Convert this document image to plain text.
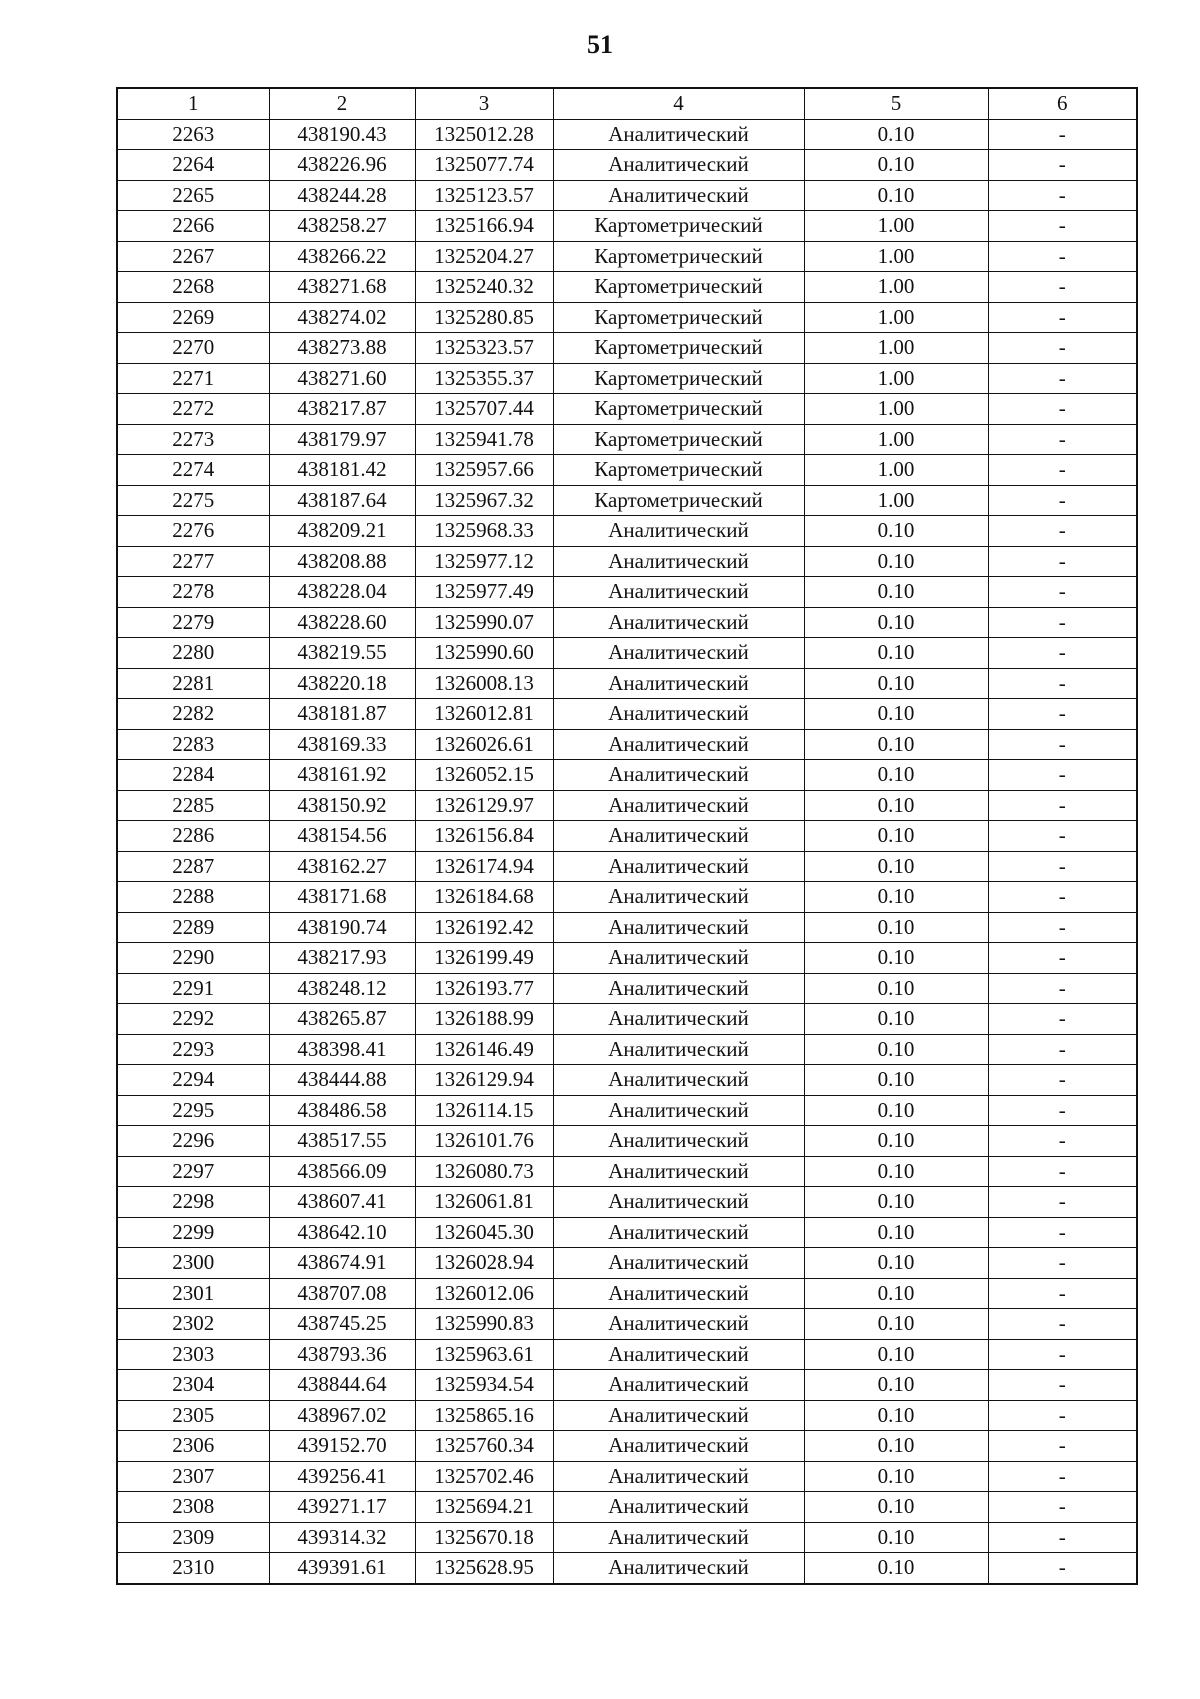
51
1	2	3	4	5	6
2263	438190.43	1325012.28	Аналитический	0.10	-
2264	438226.96	1325077.74	Аналитический	0.10	-
2265	438244.28	1325123.57	Аналитический	0.10	-
2266	438258.27	1325166.94	Картометрический	1.00	-
2267	438266.22	1325204.27	Картометрический	1.00	-
2268	438271.68	1325240.32	Картометрический	1.00	-
2269	438274.02	1325280.85	Картометрический	1.00	-
2270	438273.88	1325323.57	Картометрический	1.00	-
2271	438271.60	1325355.37	Картометрический	1.00	-
2272	438217.87	1325707.44	Картометрический	1.00	-
2273	438179.97	1325941.78	Картометрический	1.00	-
2274	438181.42	1325957.66	Картометрический	1.00	-
2275	438187.64	1325967.32	Картометрический	1.00	-
2276	438209.21	1325968.33	Аналитический	0.10	-
2277	438208.88	1325977.12	Аналитический	0.10	-
2278	438228.04	1325977.49	Аналитический	0.10	-
2279	438228.60	1325990.07	Аналитический	0.10	-
2280	438219.55	1325990.60	Аналитический	0.10	-
2281	438220.18	1326008.13	Аналитический	0.10	-
2282	438181.87	1326012.81	Аналитический	0.10	-
2283	438169.33	1326026.61	Аналитический	0.10	-
2284	438161.92	1326052.15	Аналитический	0.10	-
2285	438150.92	1326129.97	Аналитический	0.10	-
2286	438154.56	1326156.84	Аналитический	0.10	-
2287	438162.27	1326174.94	Аналитический	0.10	-
2288	438171.68	1326184.68	Аналитический	0.10	-
2289	438190.74	1326192.42	Аналитический	0.10	-
2290	438217.93	1326199.49	Аналитический	0.10	-
2291	438248.12	1326193.77	Аналитический	0.10	-
2292	438265.87	1326188.99	Аналитический	0.10	-
2293	438398.41	1326146.49	Аналитический	0.10	-
2294	438444.88	1326129.94	Аналитический	0.10	-
2295	438486.58	1326114.15	Аналитический	0.10	-
2296	438517.55	1326101.76	Аналитический	0.10	-
2297	438566.09	1326080.73	Аналитический	0.10	-
2298	438607.41	1326061.81	Аналитический	0.10	-
2299	438642.10	1326045.30	Аналитический	0.10	-
2300	438674.91	1326028.94	Аналитический	0.10	-
2301	438707.08	1326012.06	Аналитический	0.10	-
2302	438745.25	1325990.83	Аналитический	0.10	-
2303	438793.36	1325963.61	Аналитический	0.10	-
2304	438844.64	1325934.54	Аналитический	0.10	-
2305	438967.02	1325865.16	Аналитический	0.10	-
2306	439152.70	1325760.34	Аналитический	0.10	-
2307	439256.41	1325702.46	Аналитический	0.10	-
2308	439271.17	1325694.21	Аналитический	0.10	-
2309	439314.32	1325670.18	Аналитический	0.10	-
2310	439391.61	1325628.95	Аналитический	0.10	-
